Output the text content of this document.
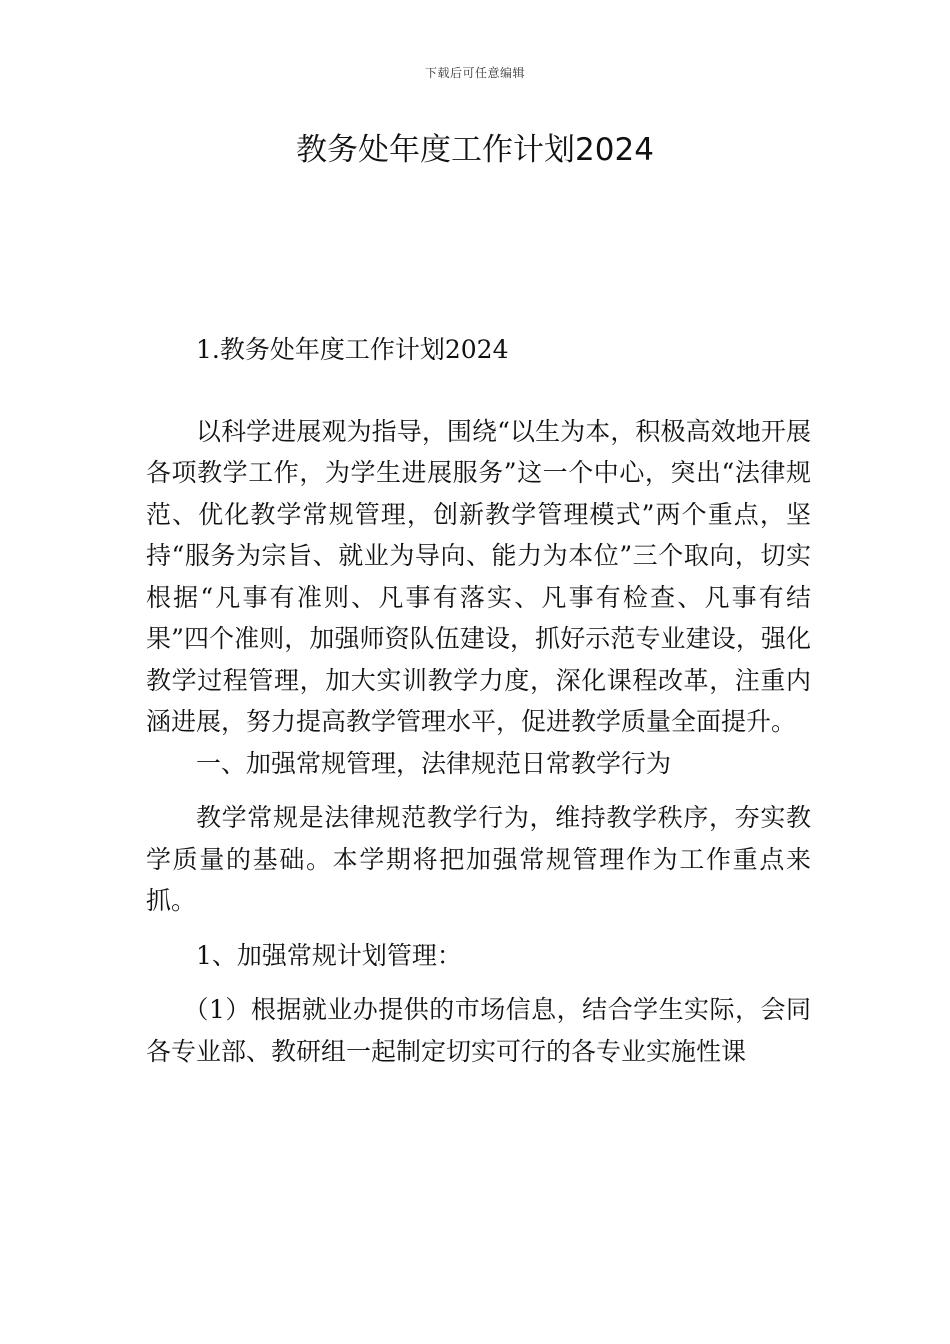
下载后可任意编辑
教务处年度工作计划2024

1.教务处年度工作计划2024

以科学进展观为指导，围绕“以生为本，积极高效地开展各项教学工作，为学生进展服务”这一个中心，突出“法律规范、优化教学常规管理，创新教学管理模式”两个重点，坚持“服务为宗旨、就业为导向、能力为本位”三个取向，切实根据“凡事有准则、凡事有落实、凡事有检查、凡事有结果”四个准则，加强师资队伍建设，抓好示范专业建设，强化教学过程管理，加大实训教学力度，深化课程改革，注重内涵进展，努力提高教学管理水平，促进教学质量全面提升。

一、加强常规管理，法律规范日常教学行为

教学常规是法律规范教学行为，维持教学秩序，夯实教学质量的基础。本学期将把加强常规管理作为工作重点来抓。

1、加强常规计划管理：

（1）根据就业办提供的市场信息，结合学生实际，会同各专业部、教研组一起制定切实可行的各专业实施性课
